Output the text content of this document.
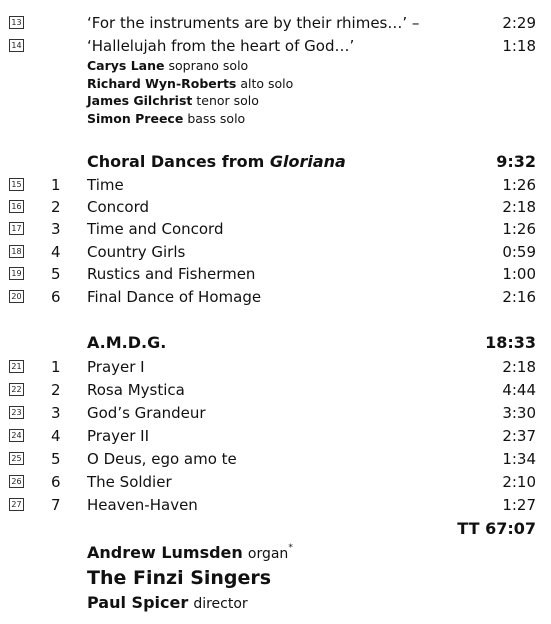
13	‘For the instruments are by their rhimes…’ –	2:29
14	‘Hallelujah from the heart of God…’	1:18
Carys Lane soprano solo
Richard Wyn-Roberts alto solo
James Gilchrist tenor solo
Simon Preece bass solo
Choral Dances from Gloriana	9:32
15 1 Time	1:26
16 2 Concord	2:18
17 3 Time and Concord	1:26
18 4 Country Girls	0:59
19 5 Rustics and Fishermen	1:00
20 6 Final Dance of Homage	2:16
A.M.D.G.	18:33
21 1 Prayer I	2:18
22 2 Rosa Mystica	4:44
23 3 God’s Grandeur	3:30
24 4 Prayer II	2:37
25 5 O Deus, ego amo te	1:34
26 6 The Soldier	2:10
27 7 Heaven-Haven	1:27
TT 67:07
Andrew Lumsden organ*
The Finzi Singers
Paul Spicer director
